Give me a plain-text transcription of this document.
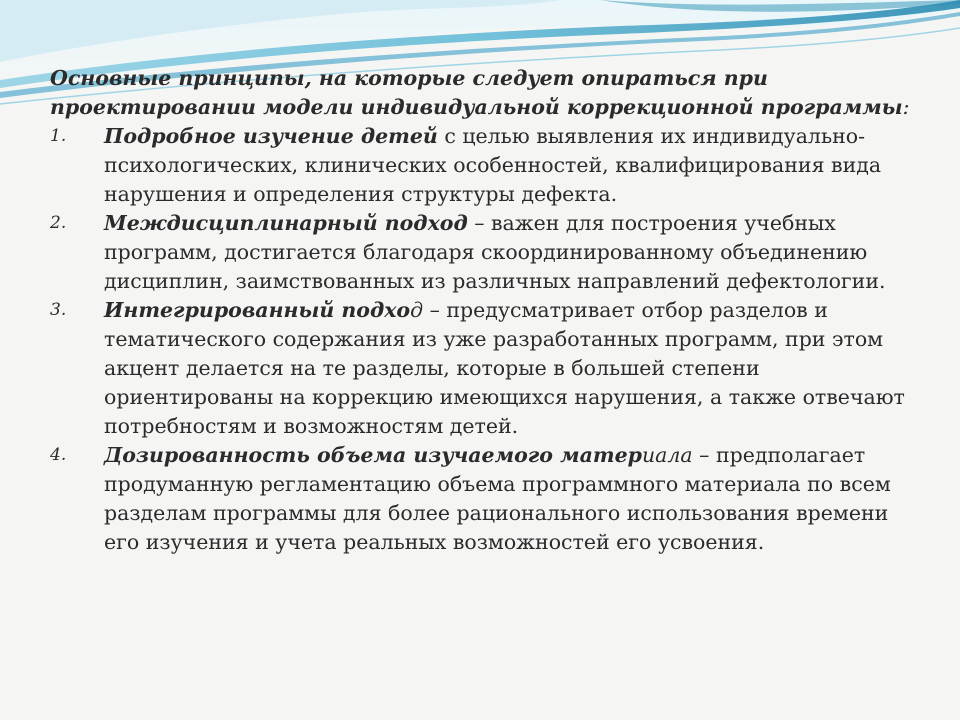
Основные принципы, на которые следует опираться при проектировании модели индивидуальной коррекционной программы:

1. Подробное изучение детей с целью выявления их индивидуально-психологических, клинических особенностей, квалифицирования вида нарушения и определения структуры дефекта.
2. Междисциплинарный подход – важен для построения учебных программ, достигается благодаря скоординированному объединению дисциплин, заимствованных из различных направлений дефектологии.
3. Интегрированный подход – предусматривает отбор разделов и тематического содержания из уже разработанных программ, при этом акцент делается на те разделы, которые в большей степени ориентированы на коррекцию имеющихся нарушения, а также отвечают потребностям и возможностям детей.
4. Дозированность объема изучаемого материала – предполагает продуманную регламентацию объема программного материала по всем разделам программы для более рационального использования времени его изучения и учета реальных возможностей его усвоения.
